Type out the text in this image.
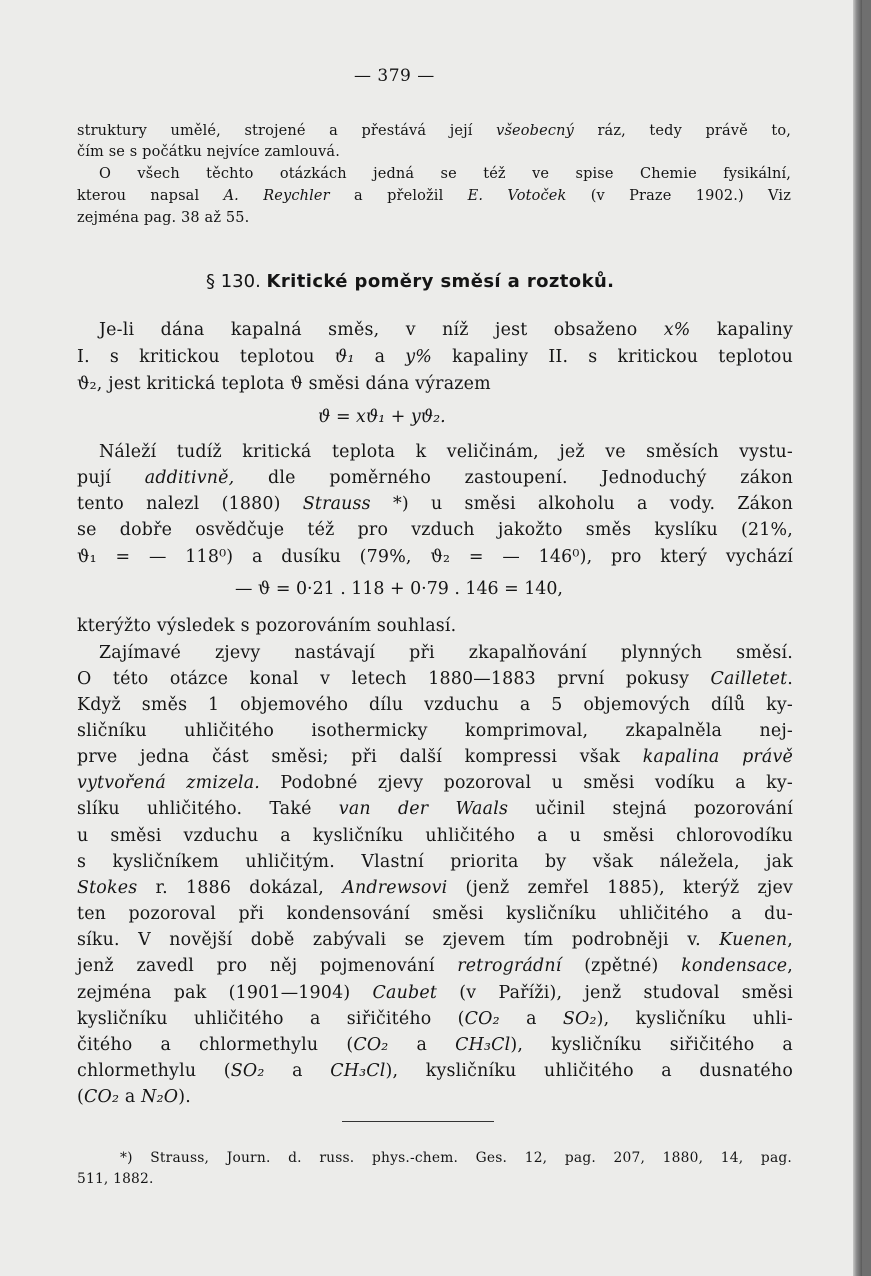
— 379 —

struktury umělé, strojené a přestává její všeobecný ráz, tedy právě to,

čím se s počátku nejvíce zamlouvá.

O všech těchto otázkách jedná se též ve spise Chemie fysikální,

kterou napsal A. Reychler a přeložil E. Votoček (v Praze 1902.) Viz

zejména pag. 38 až 55.

§ 130. Kritické poměry směsí a roztoků.

Je-li dána kapalná směs, v níž jest obsaženo x% kapaliny

I. s kritickou teplotou ϑ₁ a y% kapaliny II. s kritickou teplotou

ϑ₂, jest kritická teplota ϑ směsi dána výrazem

ϑ = xϑ₁ + yϑ₂.

Náleží tudíž kritická teplota k veličinám, jež ve směsích vystu-

pují additivně, dle poměrného zastoupení. Jednoduchý zákon

tento nalezl (1880) Strauss *) u směsi alkoholu a vody. Zákon

se dobře osvědčuje též pro vzduch jakožto směs kyslíku (21%,

ϑ₁ = — 118⁰) a dusíku (79%, ϑ₂ = — 146⁰), pro který vychází

— ϑ = 0·21 . 118 + 0·79 . 146 = 140,

kterýžto výsledek s pozorováním souhlasí.

Zajímavé zjevy nastávají při zkapalňování plynných směsí.

O této otázce konal v letech 1880—1883 první pokusy Cailletet.

Když směs 1 objemového dílu vzduchu a 5 objemových dílů ky-

sličníku uhličitého isothermicky komprimoval, zkapalněla nej-

prve jedna část směsi; při další kompressi však kapalina právě

vytvořená zmizela. Podobné zjevy pozoroval u směsi vodíku a ky-

slíku uhličitého. Také van der Waals učinil stejná pozorování

u směsi vzduchu a kysličníku uhličitého a u směsi chlorovodíku

s kysličníkem uhličitým. Vlastní priorita by však náležela, jak

Stokes r. 1886 dokázal, Andrewsovi (jenž zemřel 1885), kterýž zjev

ten pozoroval při kondensování směsi kysličníku uhličitého a du-

síku. V novější době zabývali se zjevem tím podrobněji v. Kuenen,

jenž zavedl pro něj pojmenování retrográdní (zpětné) kondensace,

zejména pak (1901—1904) Caubet (v Paříži), jenž studoval směsi

kysličníku uhličitého a siřičitého (CO₂ a SO₂), kysličníku uhli-

čitého a chlormethylu (CO₂ a CH₃Cl), kysličníku siřičitého a

chlormethylu (SO₂ a CH₃Cl), kysličníku uhličitého a dusnatého

(CO₂ a N₂O).

*) Strauss, Journ. d. russ. phys.-chem. Ges. 12, pag. 207, 1880, 14, pag.

511, 1882.
